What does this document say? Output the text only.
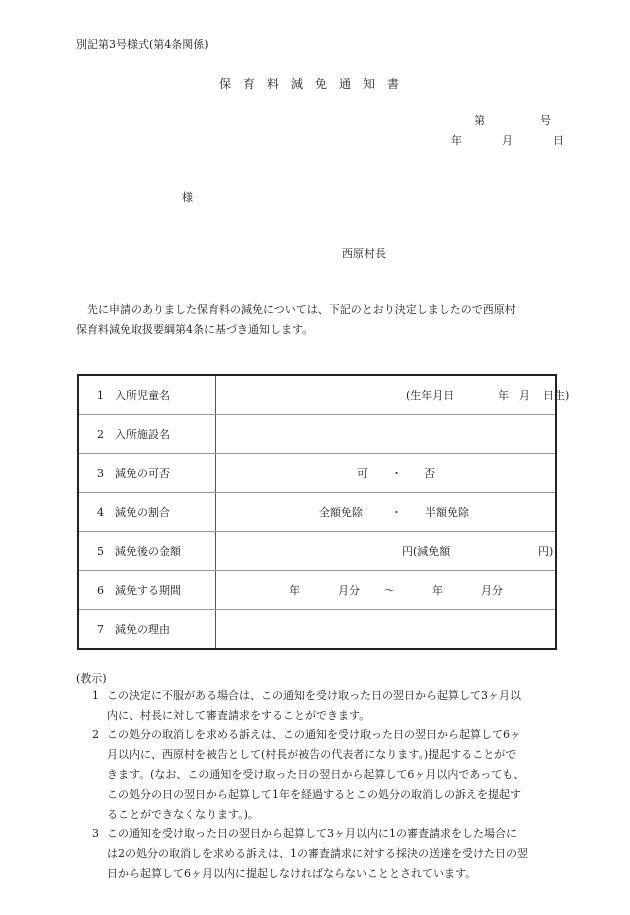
別記第3号様式(第4条関係)
保育料減免通知書
第	号
年	月	日
様
西原村長
先に申請のありました保育料の減免については、下記のとおり決定しましたので西原村
保育料減免取扱要綱第4条に基づき通知します。
1 入所児童名	(生年月日 年 月 日生)

2 入所施設名	
3 減免の可否	可 ・ 否

4 減免の割合	全額免除 ・ 半額免除

5 減免後の金額	円 (減免額 円)

6 減免する期間	年 月分 ～ 年 月分

7 減免の理由	
(教示)
1 この決定に不服がある場合は、この通知を受け取った日の翌日から起算して3ヶ月以
内に、村長に対して審査請求をすることができます。
2 この処分の取消しを求める訴えは、この通知を受け取った日の翌日から起算して6ヶ
月以内に、西原村を被告として(村長が被告の代表者になります。)提起することがで
きます。(なお、この通知を受け取った日の翌日から起算して6ヶ月以内であっても、
この処分の日の翌日から起算して1年を経過するとこの処分の取消しの訴えを提起す
ることができなくなります。)。
3 この通知を受け取った日の翌日から起算して3ヶ月以内に1の審査請求をした場合に
は2の処分の取消しを求める訴えは、1の審査請求に対する採決の送達を受けた日の翌
日から起算して6ヶ月以内に提起しなければならないこととされています。
